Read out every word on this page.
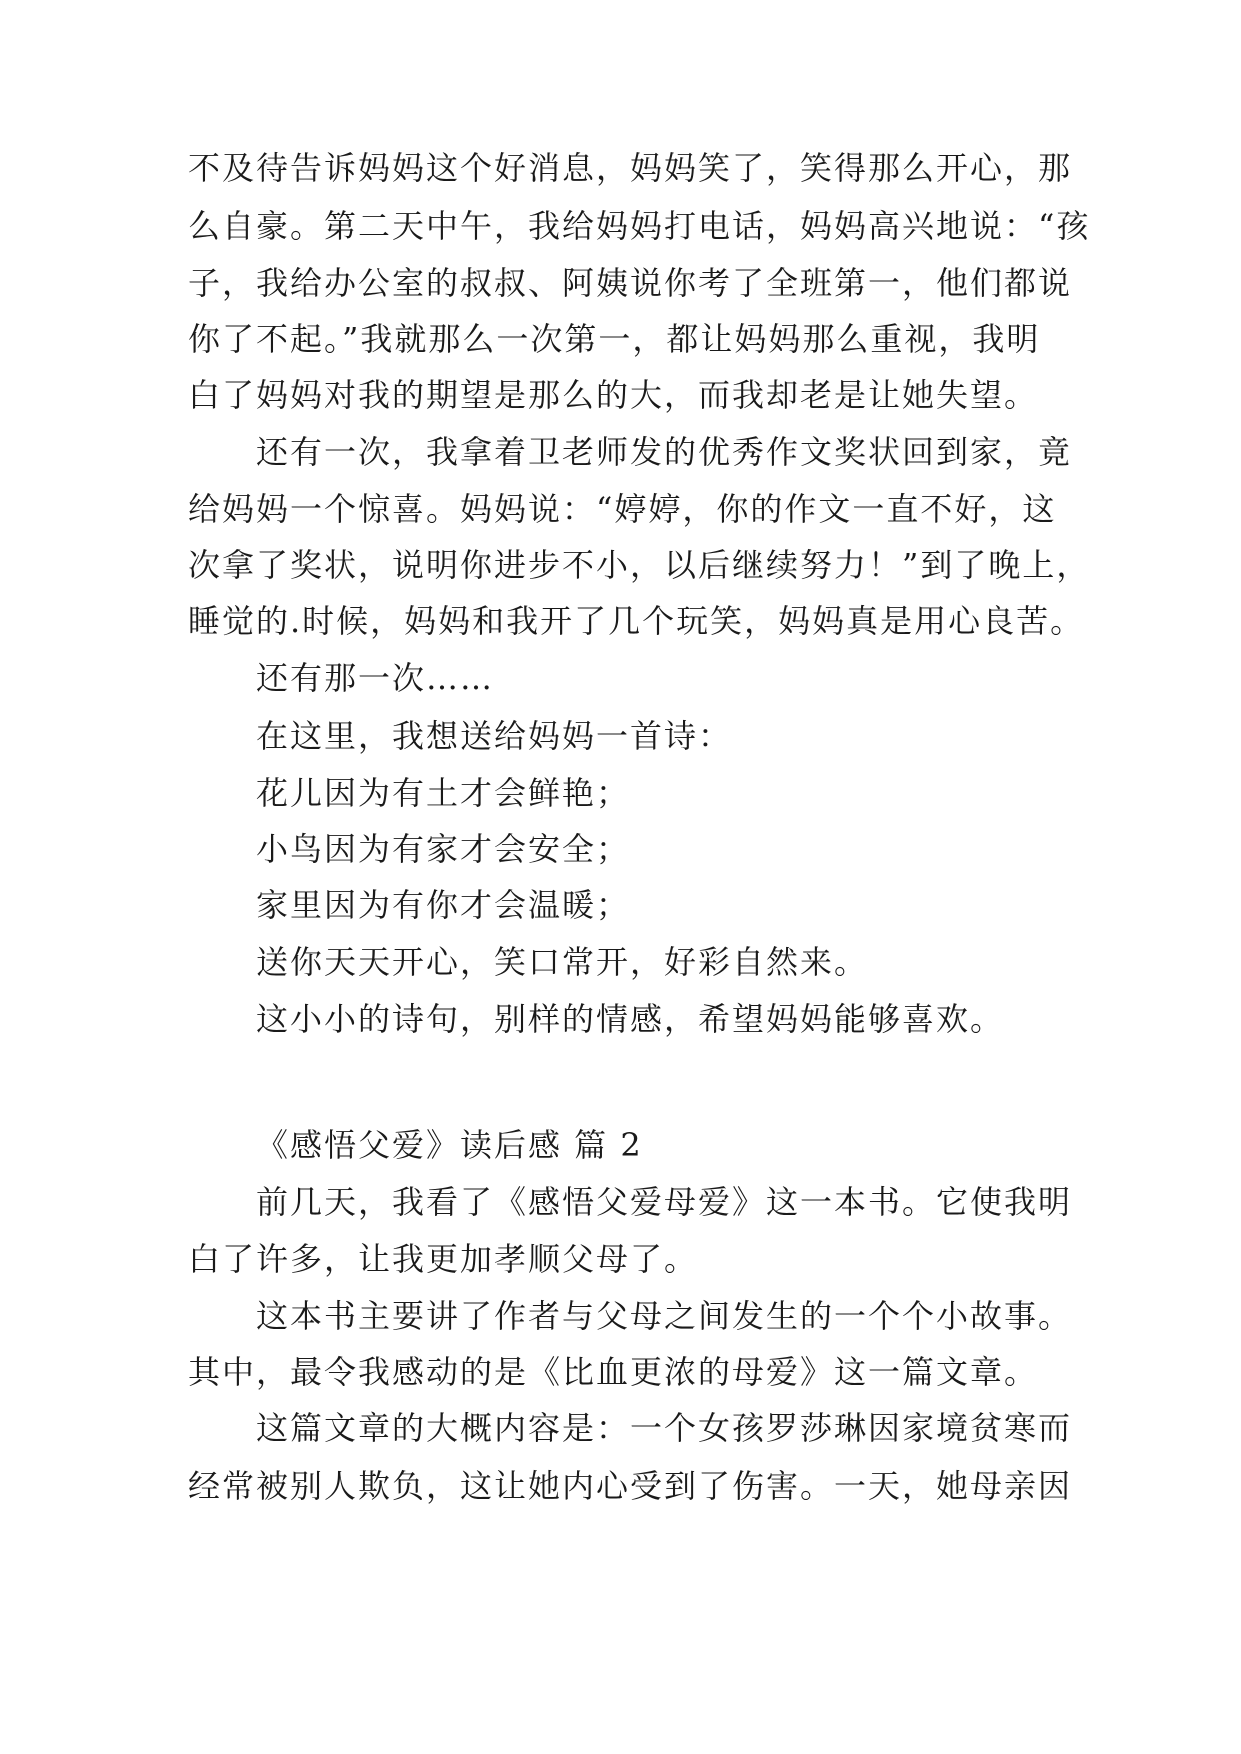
不及待告诉妈妈这个好消息，妈妈笑了，笑得那么开心，那
么自豪。第二天中午，我给妈妈打电话，妈妈高兴地说：“孩
子，我给办公室的叔叔、阿姨说你考了全班第一，他们都说
你了不起。”我就那么一次第一，都让妈妈那么重视，我明
白了妈妈对我的期望是那么的大，而我却老是让她失望。
还有一次，我拿着卫老师发的优秀作文奖状回到家，竟
给妈妈一个惊喜。妈妈说：“婷婷，你的作文一直不好，这
次拿了奖状，说明你进步不小，以后继续努力！”到了晚上，
睡觉的.时候，妈妈和我开了几个玩笑，妈妈真是用心良苦。
还有那一次……
在这里，我想送给妈妈一首诗：
花儿因为有土才会鲜艳；
小鸟因为有家才会安全；
家里因为有你才会温暖；
送你天天开心，笑口常开，好彩自然来。
这小小的诗句，别样的情感，希望妈妈能够喜欢。
《感悟父爱》读后感 篇 2
前几天，我看了《感悟父爱母爱》这一本书。它使我明
白了许多，让我更加孝顺父母了。
这本书主要讲了作者与父母之间发生的一个个小故事。
其中，最令我感动的是《比血更浓的母爱》这一篇文章。
这篇文章的大概内容是：一个女孩罗莎琳因家境贫寒而
经常被别人欺负，这让她内心受到了伤害。一天，她母亲因
